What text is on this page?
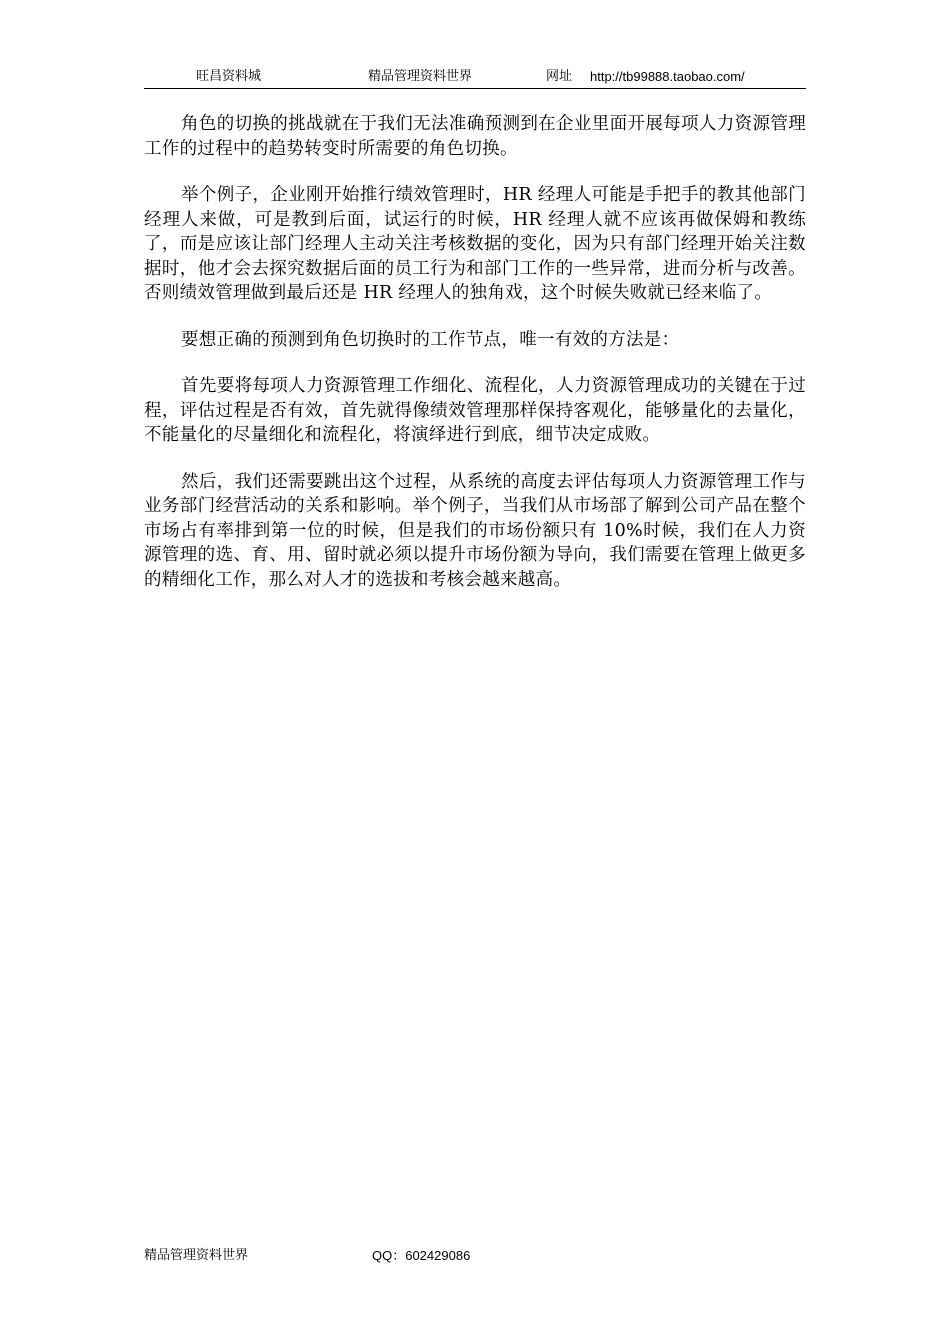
旺昌资料城	精品管理资料世界	网址 http://tb99888.taobao.com/

角色的切换的挑战就在于我们无法准确预测到在企业里面开展每项人力资源管理工作的过程中的趋势转变时所需要的角色切换。

举个例子，企业刚开始推行绩效管理时，HR 经理人可能是手把手的教其他部门经理人来做，可是教到后面，试运行的时候，HR 经理人就不应该再做保姆和教练了，而是应该让部门经理人主动关注考核数据的变化，因为只有部门经理开始关注数据时，他才会去探究数据后面的员工行为和部门工作的一些异常，进而分析与改善。否则绩效管理做到最后还是 HR 经理人的独角戏，这个时候失败就已经来临了。

要想正确的预测到角色切换时的工作节点，唯一有效的方法是：

首先要将每项人力资源管理工作细化、流程化，人力资源管理成功的关键在于过程，评估过程是否有效，首先就得像绩效管理那样保持客观化，能够量化的去量化，不能量化的尽量细化和流程化，将演绎进行到底，细节决定成败。

然后，我们还需要跳出这个过程，从系统的高度去评估每项人力资源管理工作与业务部门经营活动的关系和影响。举个例子，当我们从市场部了解到公司产品在整个市场占有率排到第一位的时候，但是我们的市场份额只有 10%时候，我们在人力资源管理的选、育、用、留时就必须以提升市场份额为导向，我们需要在管理上做更多的精细化工作，那么对人才的选拔和考核会越来越高。

精品管理资料世界	QQ：602429086
